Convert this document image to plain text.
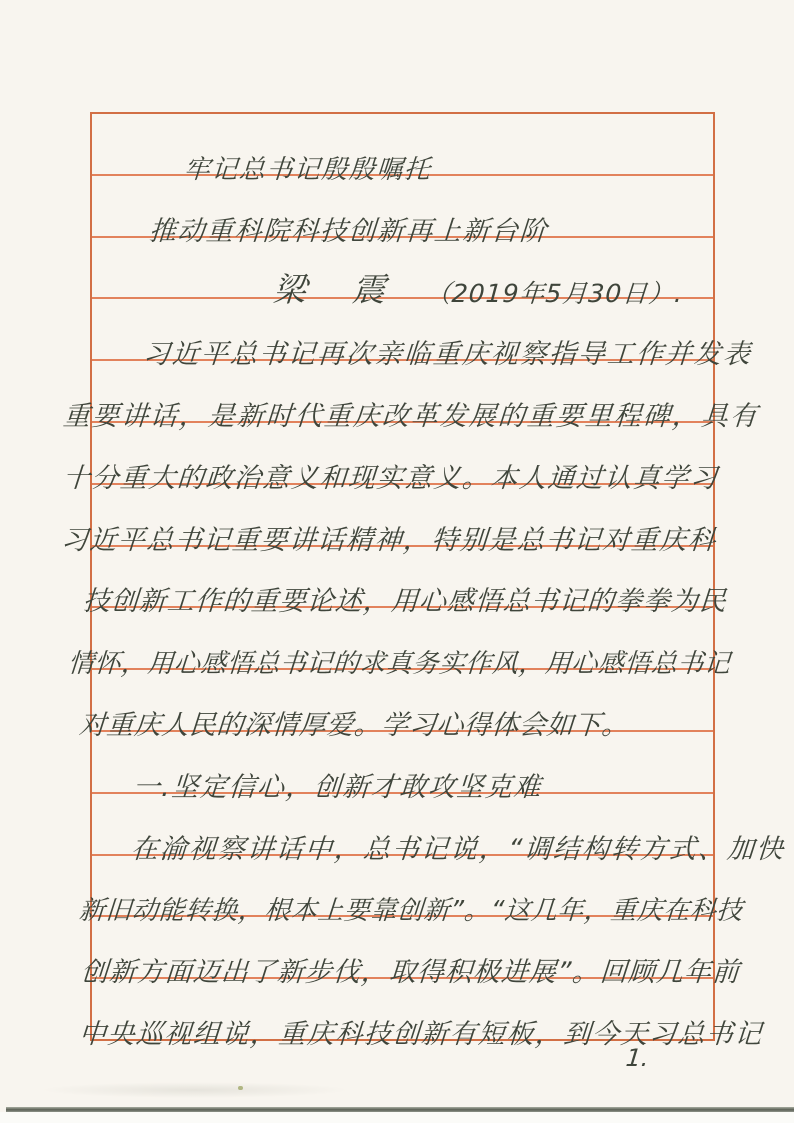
牢记总书记殷殷嘱托
推动重科院科技创新再上新台阶
梁 震 （2019年5月30日）.
习近平总书记再次亲临重庆视察指导工作并发表
重要讲话，是新时代重庆改革发展的重要里程碑，具有
十分重大的政治意义和现实意义。本人通过认真学习
习近平总书记重要讲话精神，特别是总书记对重庆科
技创新工作的重要论述，用心感悟总书记的拳拳为民
情怀，用心感悟总书记的求真务实作风，用心感悟总书记
对重庆人民的深情厚爱。学习心得体会如下。
一.坚定信心，创新才敢攻坚克难
在渝视察讲话中，总书记说，“调结构转方式、加快
新旧动能转换，根本上要靠创新”。“这几年，重庆在科技
创新方面迈出了新步伐，取得积极进展”。回顾几年前
中央巡视组说，重庆科技创新有短板，到今天习总书记
1.
